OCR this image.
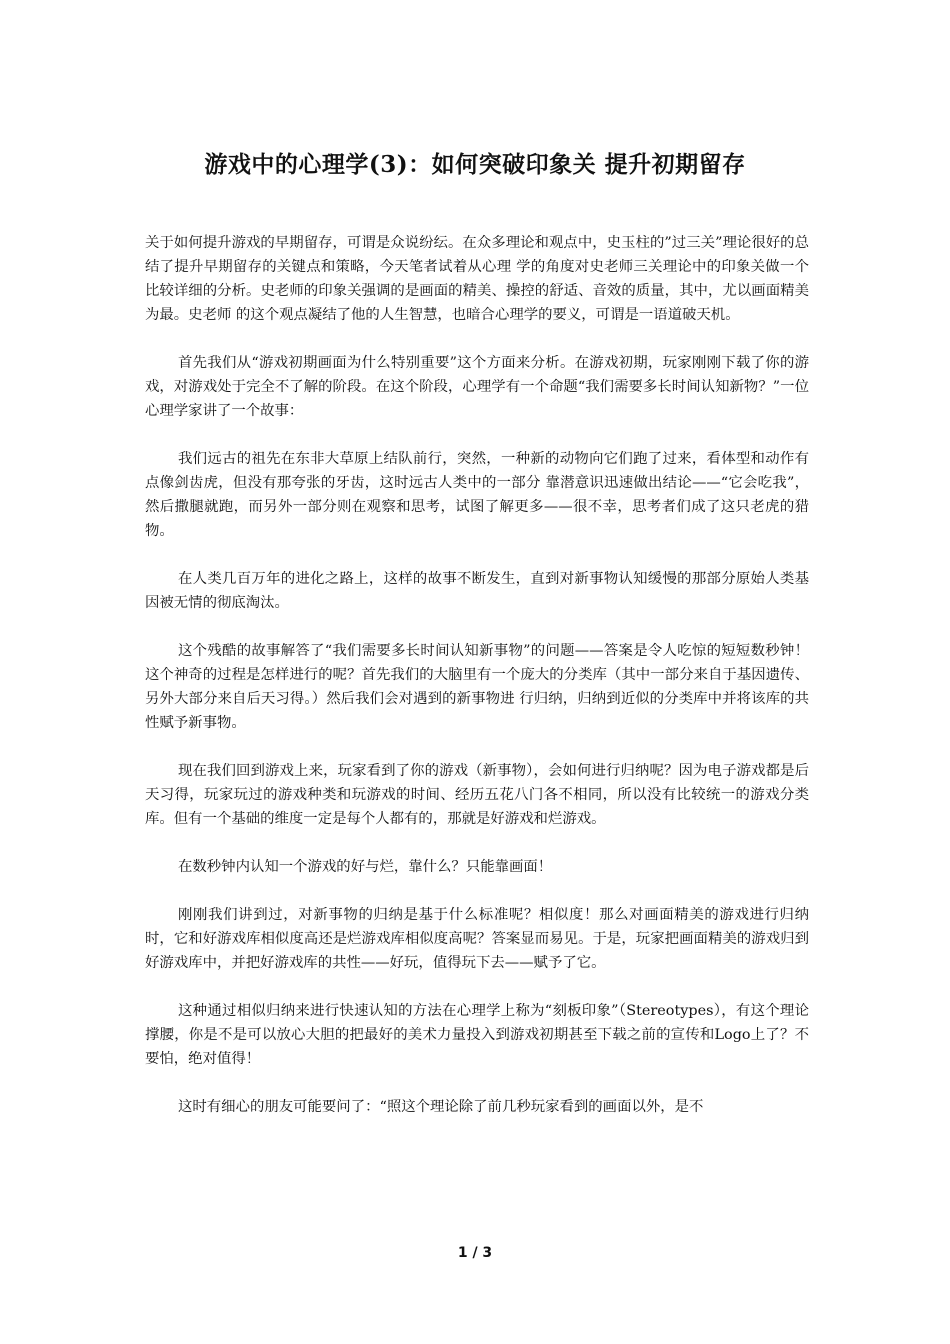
游戏中的心理学(3)：如何突破印象关 提升初期留存

关于如何提升游戏的早期留存，可谓是众说纷纭。在众多理论和观点中，史玉柱的”过三关”理论很好的总结了提升早期留存的关键点和策略，今天笔者试着从心理 学的角度对史老师三关理论中的印象关做一个比较详细的分析。史老师的印象关强调的是画面的精美、操控的舒适、音效的质量，其中，尤以画面精美为最。史老师 的这个观点凝结了他的人生智慧，也暗合心理学的要义，可谓是一语道破天机。

首先我们从“游戏初期画面为什么特别重要”这个方面来分析。在游戏初期，玩家刚刚下载了你的游戏，对游戏处于完全不了解的阶段。在这个阶段，心理学有一个命题“我们需要多长时间认知新物？”一位心理学家讲了一个故事：

我们远古的祖先在东非大草原上结队前行，突然，一种新的动物向它们跑了过来，看体型和动作有点像剑齿虎，但没有那夸张的牙齿，这时远古人类中的一部分 靠潜意识迅速做出结论——“它会吃我”，然后撒腿就跑，而另外一部分则在观察和思考，试图了解更多——很不幸，思考者们成了这只老虎的猎物。

在人类几百万年的进化之路上，这样的故事不断发生，直到对新事物认知缓慢的那部分原始人类基因被无情的彻底淘汰。

这个残酷的故事解答了“我们需要多长时间认知新事物”的问题——答案是令人吃惊的短短数秒钟！ 这个神奇的过程是怎样进行的呢？首先我们的大脑里有一个庞大的分类库（其中一部分来自于基因遗传、另外大部分来自后天习得。）然后我们会对遇到的新事物进 行归纳，归纳到近似的分类库中并将该库的共性赋予新事物。

现在我们回到游戏上来，玩家看到了你的游戏（新事物），会如何进行归纳呢？因为电子游戏都是后天习得，玩家玩过的游戏种类和玩游戏的时间、经历五花八门各不相同，所以没有比较统一的游戏分类库。但有一个基础的维度一定是每个人都有的，那就是好游戏和烂游戏。

在数秒钟内认知一个游戏的好与烂，靠什么？只能靠画面！

刚刚我们讲到过，对新事物的归纳是基于什么标准呢？相似度！那么对画面精美的游戏进行归纳时，它和好游戏库相似度高还是烂游戏库相似度高呢？答案显而易见。于是，玩家把画面精美的游戏归到好游戏库中，并把好游戏库的共性——好玩，值得玩下去——赋予了它。

这种通过相似归纳来进行快速认知的方法在心理学上称为“刻板印象”（Stereotypes），有这个理论撑腰，你是不是可以放心大胆的把最好的美术力量投入到游戏初期甚至下载之前的宣传和Logo上了？不要怕，绝对值得！

这时有细心的朋友可能要问了：“照这个理论除了前几秒玩家看到的画面以外，是不

1 / 3
